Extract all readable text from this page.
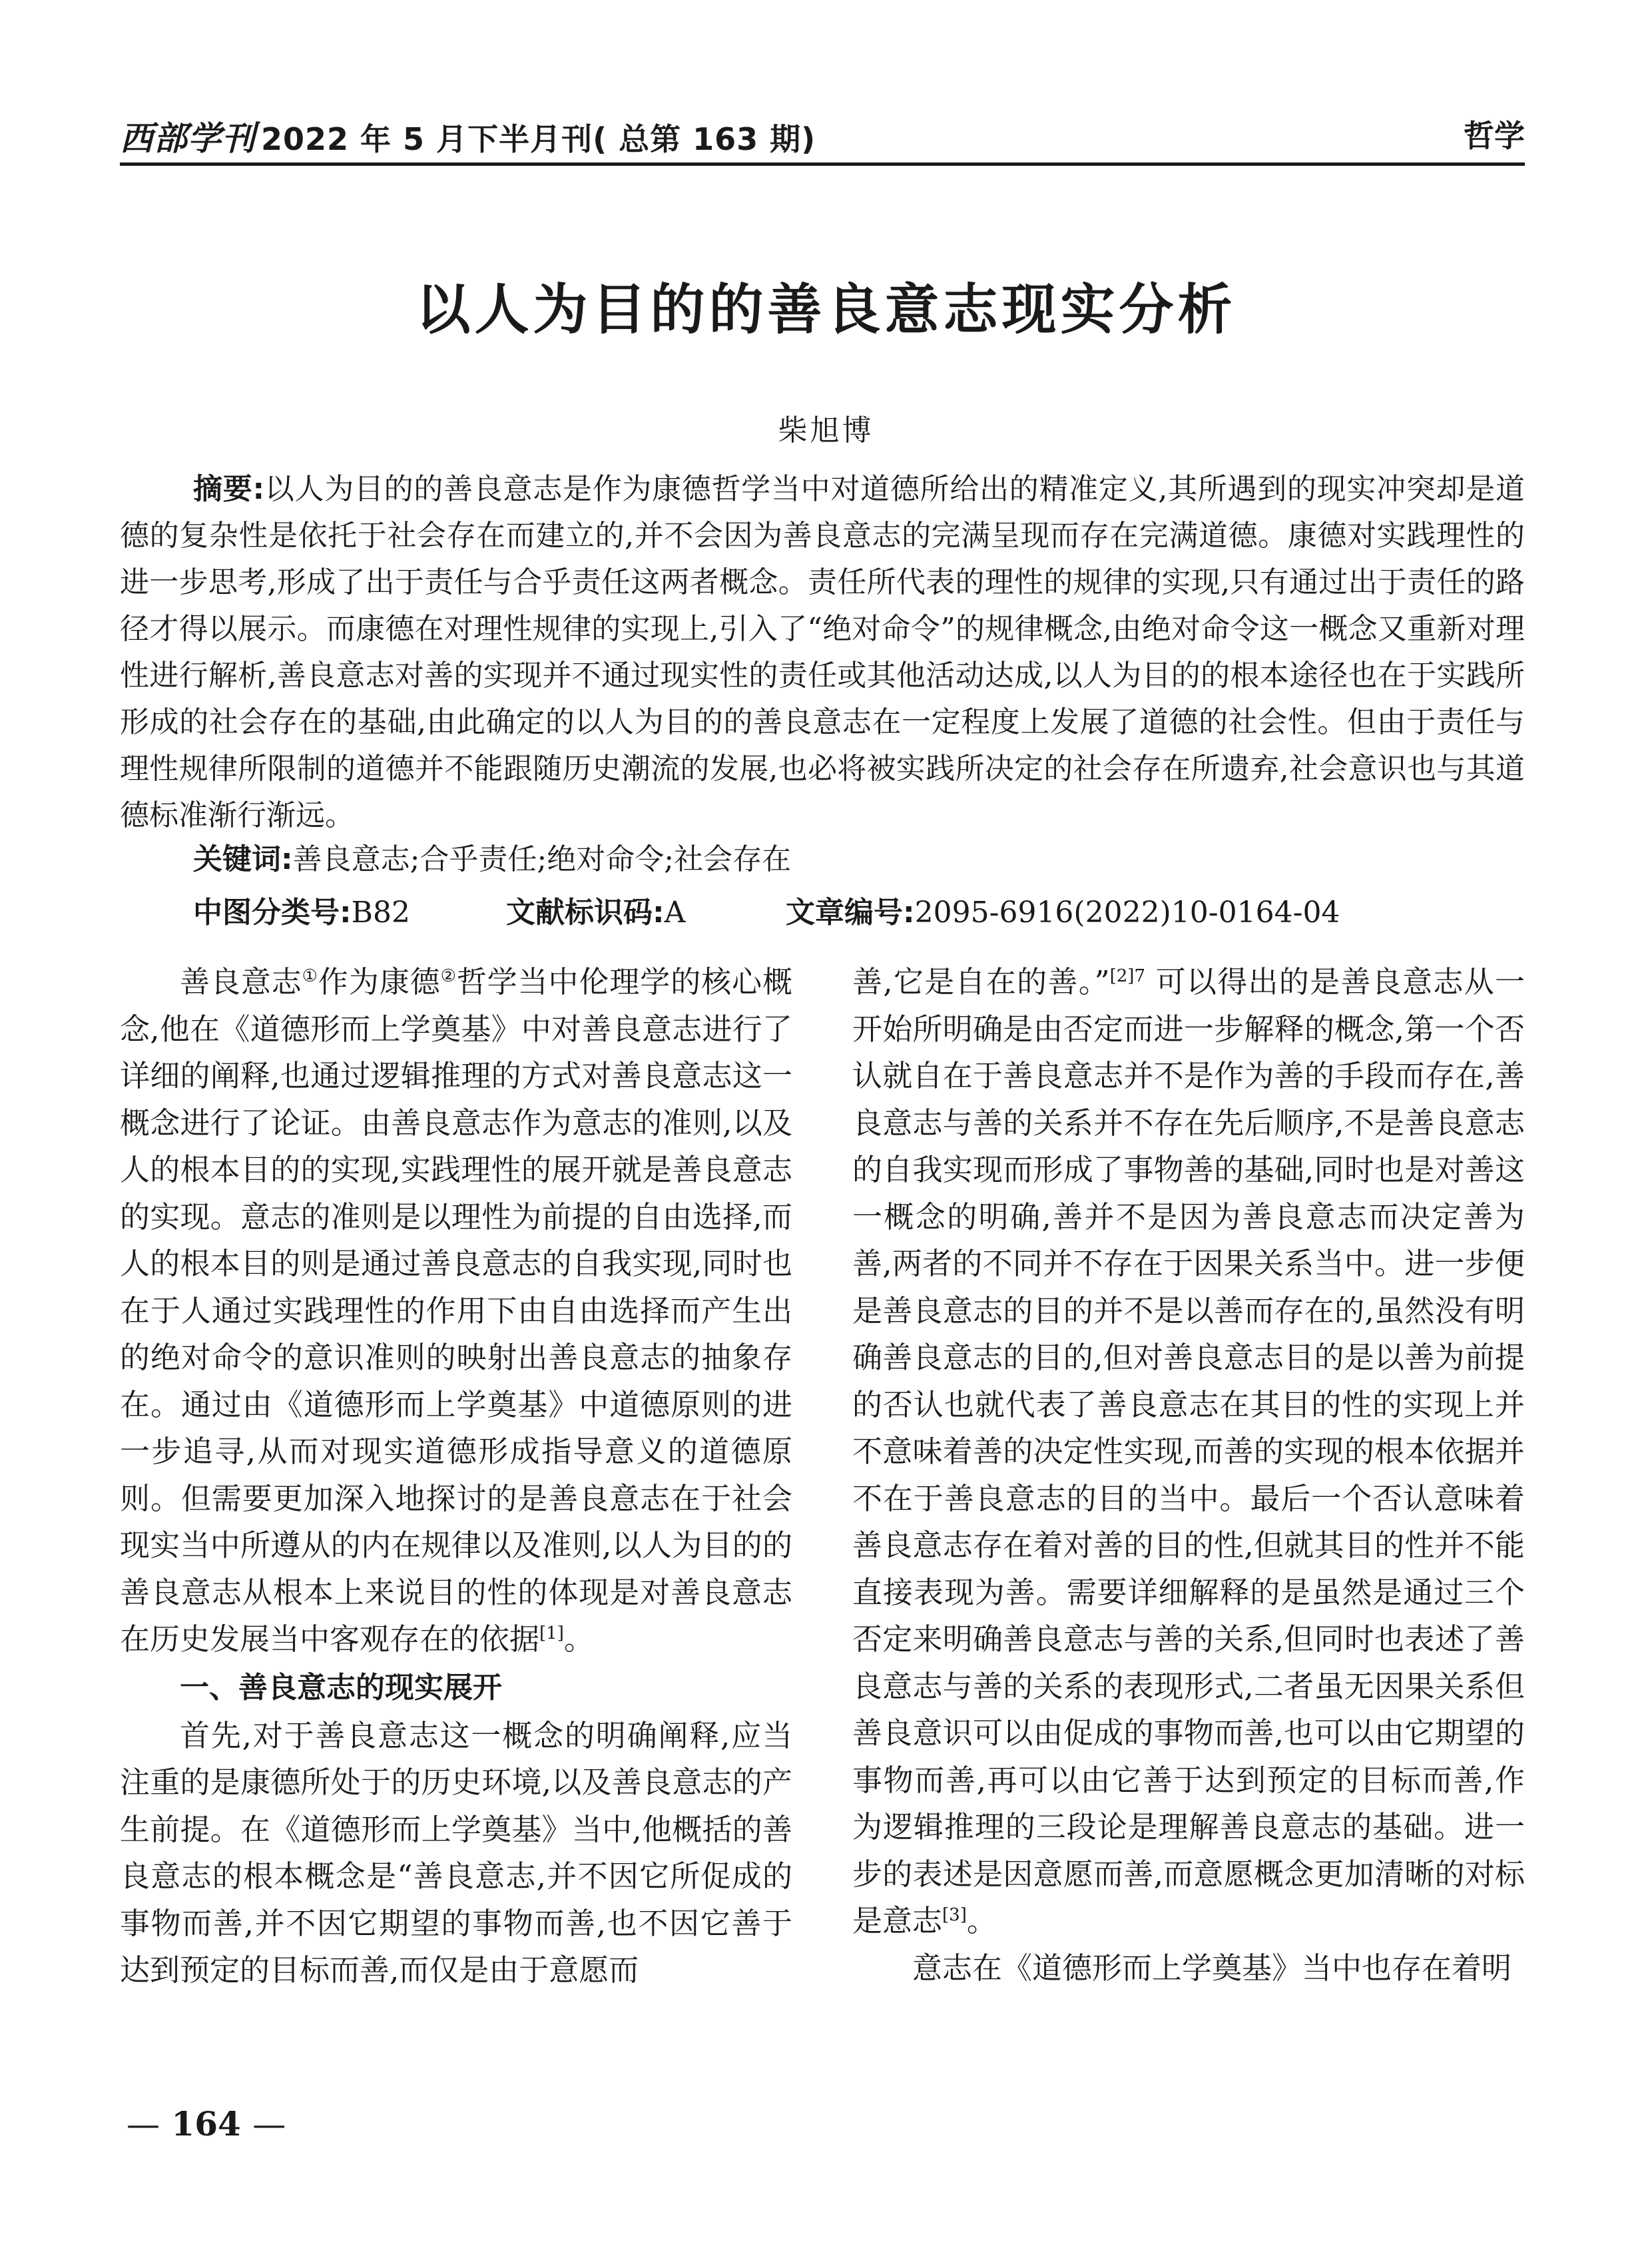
西部学刊 2022 年 5 月下半月刊( 总第 163 期)	哲学
以人为目的的善良意志现实分析
柴旭博

摘要:以人为目的的善良意志是作为康德哲学当中对道德所给出的精准定义,其所遇到的现实冲突却是道德的复杂性是依托于社会存在而建立的,并不会因为善良意志的完满呈现而存在完满道德。康德对实践理性的进一步思考,形成了出于责任与合乎责任这两者概念。责任所代表的理性的规律的实现,只有通过出于责任的路径才得以展示。而康德在对理性规律的实现上,引入了“绝对命令”的规律概念,由绝对命令这一概念又重新对理性进行解析,善良意志对善的实现并不通过现实性的责任或其他活动达成,以人为目的的根本途径也在于实践所形成的社会存在的基础,由此确定的以人为目的的善良意志在一定程度上发展了道德的社会性。但由于责任与理性规律所限制的道德并不能跟随历史潮流的发展,也必将被实践所决定的社会存在所遗弃,社会意识也与其道德标准渐行渐远。

关键词:善良意志;合乎责任;绝对命令;社会存在
中图分类号:B82	文献标识码:A	文章编号:2095-6916(2022)10-0164-04

善良意志①作为康德②哲学当中伦理学的核心概念,他在《道德形而上学奠基》中对善良意志进行了详细的阐释,也通过逻辑推理的方式对善良意志这一概念进行了论证。由善良意志作为意志的准则,以及人的根本目的的实现,实践理性的展开就是善良意志的实现。意志的准则是以理性为前提的自由选择,而人的根本目的则是通过善良意志的自我实现,同时也在于人通过实践理性的作用下由自由选择而产生出的绝对命令的意识准则的映射出善良意志的抽象存在。通过由《道德形而上学奠基》中道德原则的进一步追寻,从而对现实道德形成指导意义的道德原则。但需要更加深入地探讨的是善良意志在于社会现实当中所遵从的内在规律以及准则,以人为目的的善良意志从根本上来说目的性的体现是对善良意志在历史发展当中客观存在的依据[1]。

一、善良意志的现实展开

首先,对于善良意志这一概念的明确阐释,应当注重的是康德所处于的历史环境,以及善良意志的产生前提。在《道德形而上学奠基》当中,他概括的善良意志的根本概念是“善良意志,并不因它所促成的事物而善,并不因它期望的事物而善,也不因它善于达到预定的目标而善,而仅是由于意愿而

善,它是自在的善。”$^{[2]7}$ 可以得出的是善良意志从一开始所明确是由否定而进一步解释的概念,第一个否认就自在于善良意志并不是作为善的手段而存在,善良意志与善的关系并不存在先后顺序,不是善良意志的自我实现而形成了事物善的基础,同时也是对善这一概念的明确,善并不是因为善良意志而决定善为善,两者的不同并不存在于因果关系当中。进一步便是善良意志的目的并不是以善而存在的,虽然没有明确善良意志的目的,但对善良意志目的是以善为前提的否认也就代表了善良意志在其目的性的实现上并不意味着善的决定性实现,而善的实现的根本依据并不在于善良意志的目的当中。最后一个否认意味着善良意志存在着对善的目的性,但就其目的性并不能直接表现为善。需要详细解释的是虽然是通过三个否定来明确善良意志与善的关系,但同时也表述了善良意志与善的关系的表现形式,二者虽无因果关系但善良意识可以由促成的事物而善,也可以由它期望的事物而善,再可以由它善于达到预定的目标而善,作为逻辑推理的三段论是理解善良意志的基础。进一步的表述是因意愿而善,而意愿概念更加清晰的对标是意志[3]。

意志在《道德形而上学奠基》当中也存在着明

— 164 —
